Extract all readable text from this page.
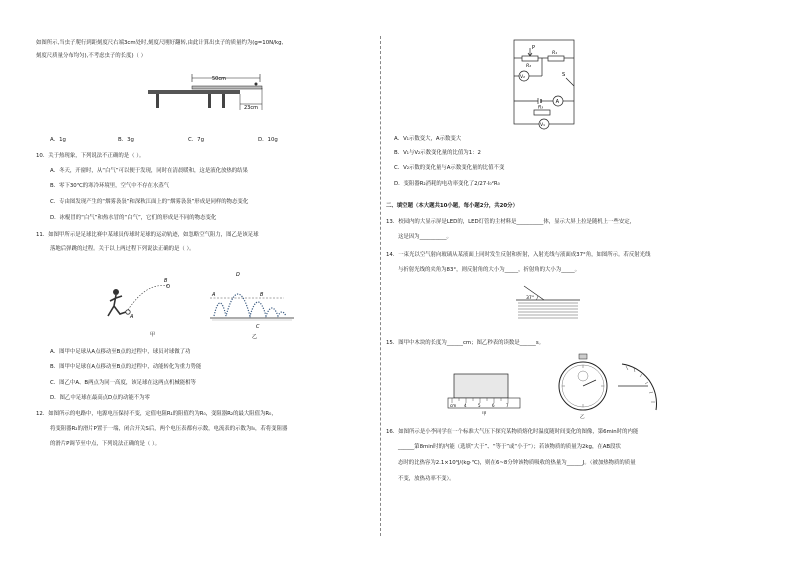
如图所示,当虫子爬行到距刻度尺右端3cm处时,刻度尺刚好翻转,由此计算出虫子的质量约为(g=10N/kg,
刻度尺质量分布均匀),不考虑虫子的长度)（ ）
50cm
23cm
A．1g	B．3g	C．7g	D．10g
10．关于热现象，下列说法不正确的是（ ）。
A．冬天，开窗时，从“白气”可以便于发现，同时在清晨暖和，这是液化放热的结果
B．零下30℃的寒冷环境里，空气中不存在水蒸气
C．专由图发现产生的“烟雾袅袅”和深秋江面上的“烟雾袅袅”形成是同样的物态变化
D．冰棍冒的“白气”和热水冒的“白气”，它们的形成是不同的物态变化
11．如图甲所示是足球比赛中某球员传球时足球的运动轨迹，如忽略空气阻力，图乙是该足球
落地后弹跳的过程。关于以上两过程下列说法正确的是（ ）。
B
A
甲
D
A	B
C
乙
A．图甲中足球从A点移动至B点的过程中，球员对球做了功
B．图甲中足球在A点移动至B点的过程中，动能转化为重力势能
C．图乙中A、B两点为同一高度，该足球在这两点机械能相等
D．图乙中足球在最高点D点的动能不为零
12．如图所示的电路中，电源电压保持不变，定值电阻R₁的阻值约为R₀，变阻器R₂的最大阻值为R₀，
将变阻器R₂的滑片P置于一端，闭合开关S后，两个电压表都有示数，电流表的示数为I₀，若将变阻器
的滑片P调节至中点，下列说法正确的是（ ）。
P
R₂
R₁
V₂	S
A
R₃
V₁
A．V₁示数变大，A示数变大
B．V₁与V₂示数变化量的比值为1：2
C．V₂示数的变化量与A示数变化量的比值不变
D．变阻器R₂消耗的电功率变化了2/27·I₀²R₀
二、填空题（本大题共10小题，每小题2分，共20分）
13．校园内的大显示屏是LED的，LED灯管的主材料是__________体，显示大屏上拉是随机上一些安定，
这是因为__________。
14．一束光以空气射向玻璃从某液面上同时发生反射和折射，入射光线与液面成37°角，如图所示。若反射光线
与折射光线的夹角为83°，则反射角的大小为_____，折射角的大小为_____。
37°
15．图甲中木块的长度为______cm；图乙秒表的读数是______s。
cm 4	5	6	7
甲
乙
16．如图所示是小李同学在一个标准大气压下探究某物质熔化时温度随时间变化的图像，第6min时的内能
______第8min时的内能（选填“大于”、“等于”或“小于”）；若该物质的质量为2kg，在AB段状
态时的比热容为2.1×10³J/(kg·℃)，则在6~8分钟该物质吸收的热量为______J。（被加热物质的质量
不变，放热功率不变）。
